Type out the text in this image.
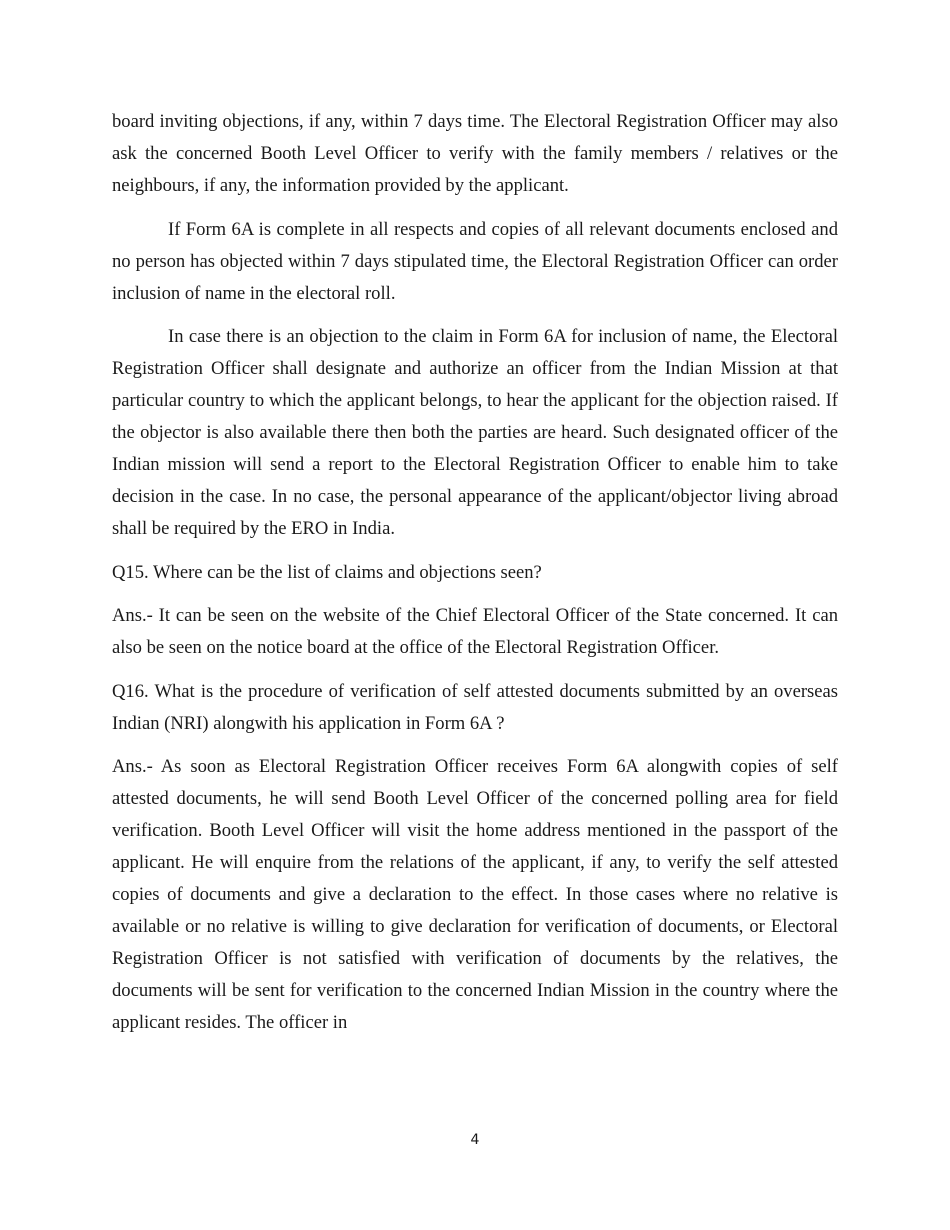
board inviting objections, if any, within 7 days time. The Electoral Registration Officer may also ask the concerned Booth Level Officer to verify with the family members / relatives or the neighbours, if any, the information provided by the applicant.

If Form 6A is complete in all respects and copies of all relevant documents enclosed and no person has objected within 7 days stipulated time, the Electoral Registration Officer can order inclusion of name in the electoral roll.

In case there is an objection to the claim in Form 6A for inclusion of name, the Electoral Registration Officer shall designate and authorize an officer from the Indian Mission at that particular country to which the applicant belongs, to hear the applicant for the objection raised. If the objector is also available there then both the parties are heard. Such designated officer of the Indian mission will send a report to the Electoral Registration Officer to enable him to take decision in the case. In no case, the personal appearance of the applicant/objector living abroad shall be required by the ERO in India.

Q15. Where can be the list of claims and objections seen?

Ans.- It can be seen on the website of the Chief Electoral Officer of the State concerned. It can also be seen on the notice board at the office of the Electoral Registration Officer.

Q16. What is the procedure of verification of self attested documents submitted by an overseas Indian (NRI) alongwith his application in Form 6A ?

Ans.- As soon as Electoral Registration Officer receives Form 6A alongwith copies of self attested documents, he will send Booth Level Officer of the concerned polling area for field verification. Booth Level Officer will visit the home address mentioned in the passport of the applicant. He will enquire from the relations of the applicant, if any, to verify the self attested copies of documents and give a declaration to the effect. In those cases where no relative is available or no relative is willing to give declaration for verification of documents, or Electoral Registration Officer is not satisfied with verification of documents by the relatives, the documents will be sent for verification to the concerned Indian Mission in the country where the applicant resides. The officer in

4
